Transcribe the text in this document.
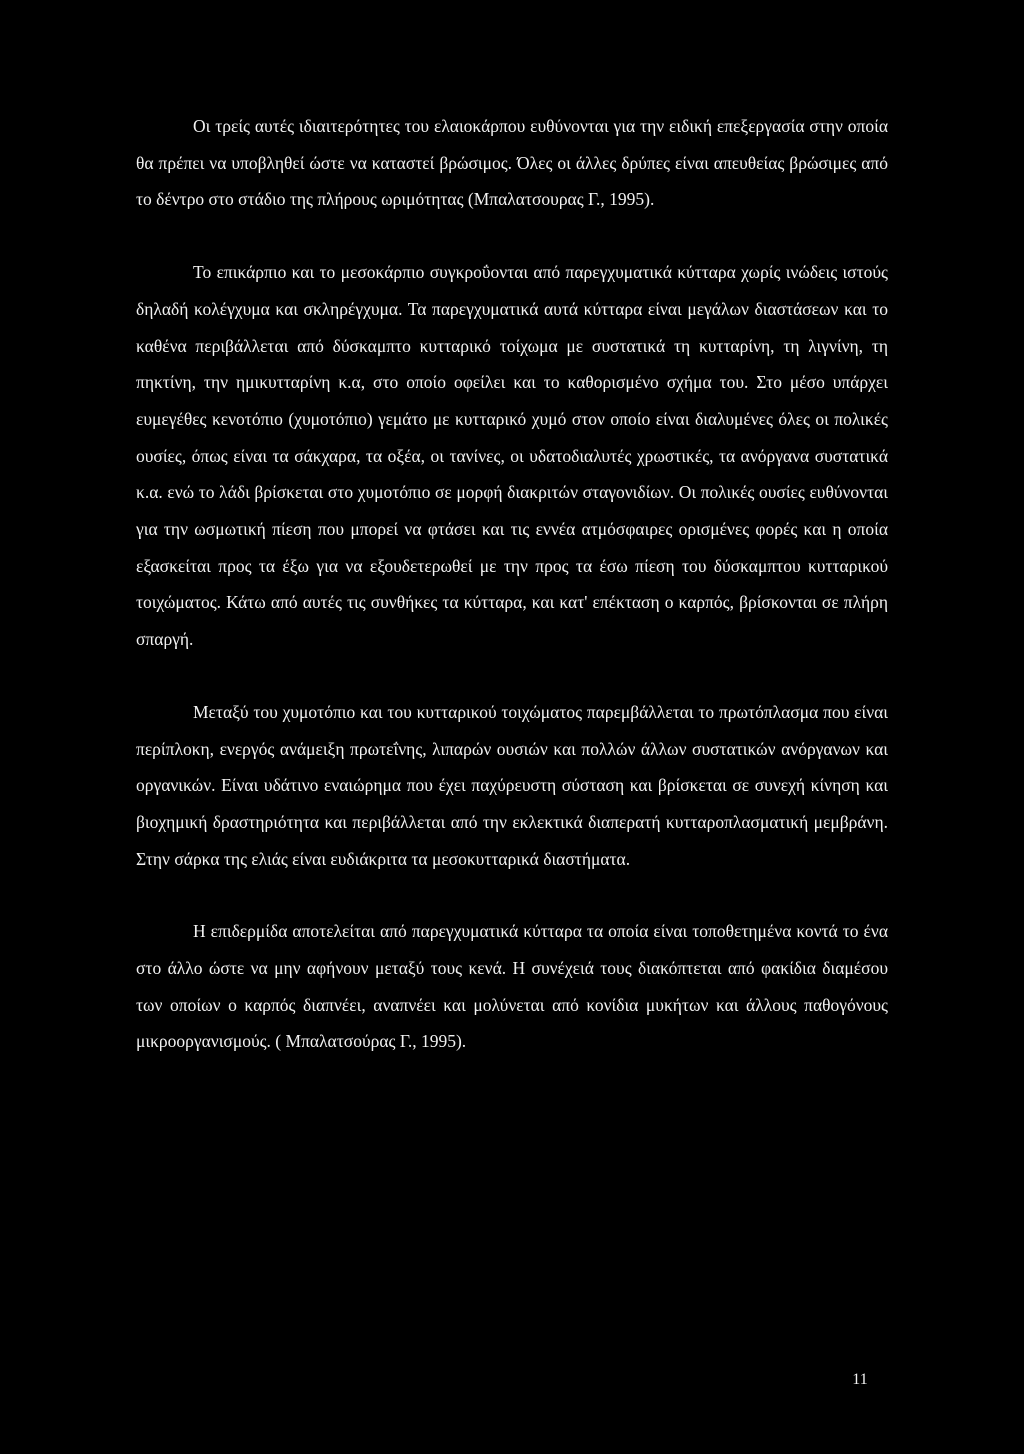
Οι τρείς αυτές ιδιαιτερότητες του ελαιοκάρπου ευθύνονται για την ειδική επεξεργασία στην οποία θα πρέπει να υποβληθεί ώστε να καταστεί βρώσιμος. Όλες οι άλλες δρύπες είναι απευθείας βρώσιμες από το δέντρο στο στάδιο της πλήρους ωριμότητας (Μπαλατσουρας Γ., 1995).

Το επικάρπιο και το μεσοκάρπιο συγκροΰονται από παρεγχυματικά κύτταρα χωρίς ινώδεις ιστούς δηλαδή κολέγχυμα και σκληρέγχυμα. Τα παρεγχυματικά αυτά κύτταρα είναι μεγάλων διαστάσεων και το καθένα περιβάλλεται από δύσκαμπτο κυτταρικό τοίχωμα με συστατικά τη κυτταρίνη, τη λιγνίνη, τη πηκτίνη, την ημικυτταρίνη κ.α, στο οποίο οφείλει και το καθορισμένο σχήμα του. Στο μέσο υπάρχει ευμεγέθες κενοτόπιο (χυμοτόπιο) γεμάτο με κυτταρικό χυμό στον οποίο είναι διαλυμένες όλες οι πολικές ουσίες, όπως είναι τα σάκχαρα, τα οξέα, οι τανίνες, οι υδατοδιαλυτές χρωστικές, τα ανόργανα συστατικά κ.α. ενώ το λάδι βρίσκεται στο χυμοτόπιο σε μορφή διακριτών σταγονιδίων. Οι πολικές ουσίες ευθύνονται για την ωσμωτική πίεση που μπορεί να φτάσει και τις εννέα ατμόσφαιρες ορισμένες φορές και η οποία εξασκείται προς τα έξω για να εξουδετερωθεί με την προς τα έσω πίεση του δύσκαμπτου κυτταρικού τοιχώματος. Κάτω από αυτές τις συνθήκες τα κύτταρα, και κατ' επέκταση ο καρπός, βρίσκονται σε πλήρη σπαργή.

Μεταξύ του χυμοτόπιο και του κυτταρικού τοιχώματος παρεμβάλλεται το πρωτόπλασμα που είναι περίπλοκη, ενεργός ανάμειξη πρωτεΐνης, λιπαρών ουσιών και πολλών άλλων συστατικών ανόργανων και οργανικών. Είναι υδάτινο εναιώρημα που έχει παχύρευστη σύσταση και βρίσκεται σε συνεχή κίνηση και βιοχημική δραστηριότητα και περιβάλλεται από την εκλεκτικά διαπερατή κυτταροπλασματική μεμβράνη. Στην σάρκα της ελιάς είναι ευδιάκριτα τα μεσοκυτταρικά διαστήματα.

Η επιδερμίδα αποτελείται από παρεγχυματικά κύτταρα τα οποία είναι τοποθετημένα κοντά το ένα στο άλλο ώστε να μην αφήνουν μεταξύ τους κενά. Η συνέχειά τους διακόπτεται από φακίδια διαμέσου των οποίων ο καρπός διαπνέει, αναπνέει και μολύνεται από κονίδια μυκήτων και άλλους παθογόνους μικροοργανισμούς. ( Μπαλατσούρας Γ., 1995).

11
